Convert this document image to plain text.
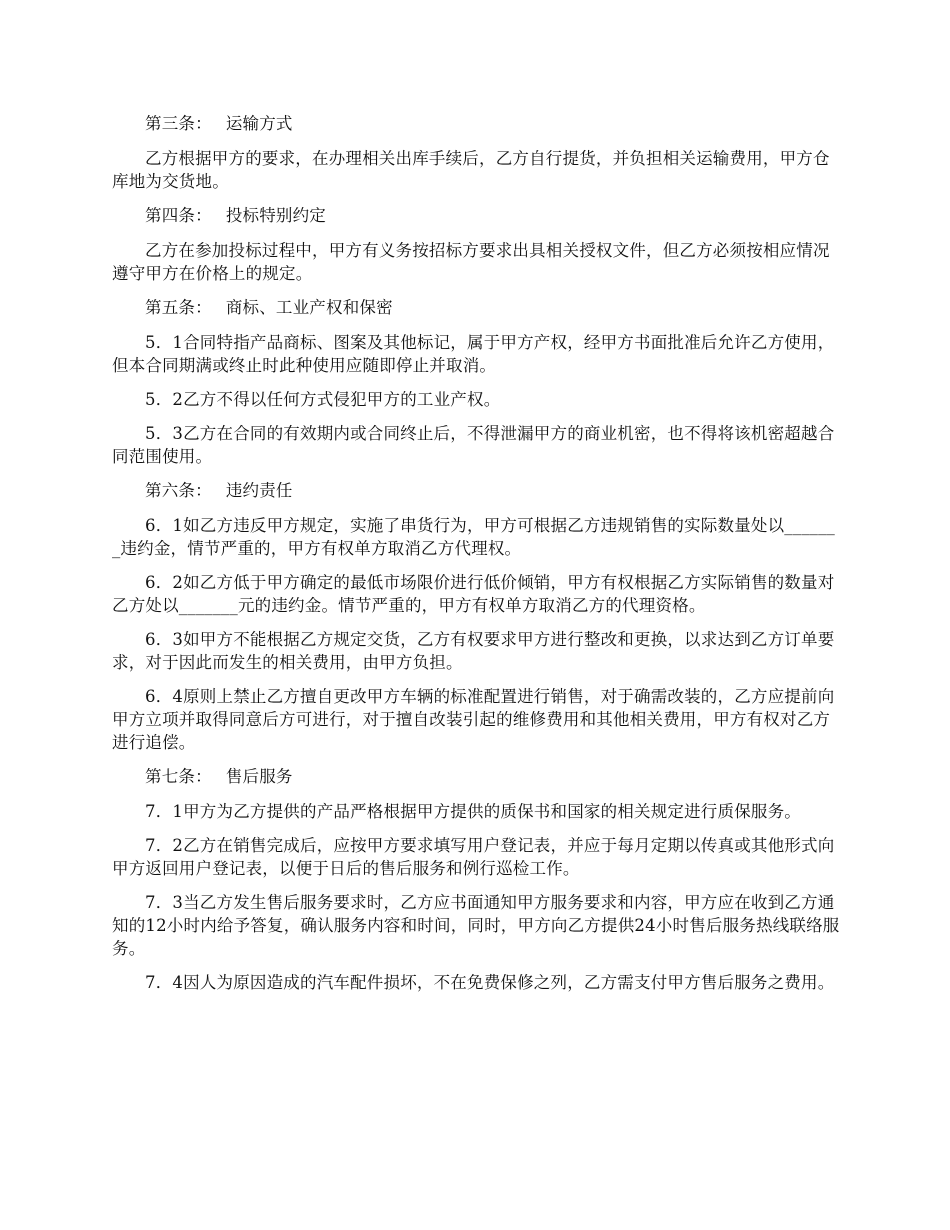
第三条： 运输方式

乙方根据甲方的要求，在办理相关出库手续后，乙方自行提货，并负担相关运输费用，甲方仓库地为交货地。

第四条： 投标特别约定

乙方在参加投标过程中，甲方有义务按招标方要求出具相关授权文件，但乙方必须按相应情况遵守甲方在价格上的规定。

第五条： 商标、工业产权和保密

5．1合同特指产品商标、图案及其他标记，属于甲方产权，经甲方书面批准后允许乙方使用，但本合同期满或终止时此种使用应随即停止并取消。

5．2乙方不得以任何方式侵犯甲方的工业产权。

5．3乙方在合同的有效期内或合同终止后，不得泄漏甲方的商业机密，也不得将该机密超越合同范围使用。

第六条： 违约责任

6．1如乙方违反甲方规定，实施了串货行为，甲方可根据乙方违规销售的实际数量处以_______违约金，情节严重的，甲方有权单方取消乙方代理权。

6．2如乙方低于甲方确定的最低市场限价进行低价倾销，甲方有权根据乙方实际销售的数量对乙方处以_______元的违约金。情节严重的，甲方有权单方取消乙方的代理资格。

6．3如甲方不能根据乙方规定交货，乙方有权要求甲方进行整改和更换，以求达到乙方订单要求，对于因此而发生的相关费用，由甲方负担。

6．4原则上禁止乙方擅自更改甲方车辆的标准配置进行销售，对于确需改装的，乙方应提前向甲方立项并取得同意后方可进行，对于擅自改装引起的维修费用和其他相关费用，甲方有权对乙方进行追偿。

第七条： 售后服务

7．1甲方为乙方提供的产品严格根据甲方提供的质保书和国家的相关规定进行质保服务。

7．2乙方在销售完成后，应按甲方要求填写用户登记表，并应于每月定期以传真或其他形式向甲方返回用户登记表，以便于日后的售后服务和例行巡检工作。

7．3当乙方发生售后服务要求时，乙方应书面通知甲方服务要求和内容，甲方应在收到乙方通知的12小时内给予答复，确认服务内容和时间，同时，甲方向乙方提供24小时售后服务热线联络服务。

7．4因人为原因造成的汽车配件损坏，不在免费保修之列，乙方需支付甲方售后服务之费用。
